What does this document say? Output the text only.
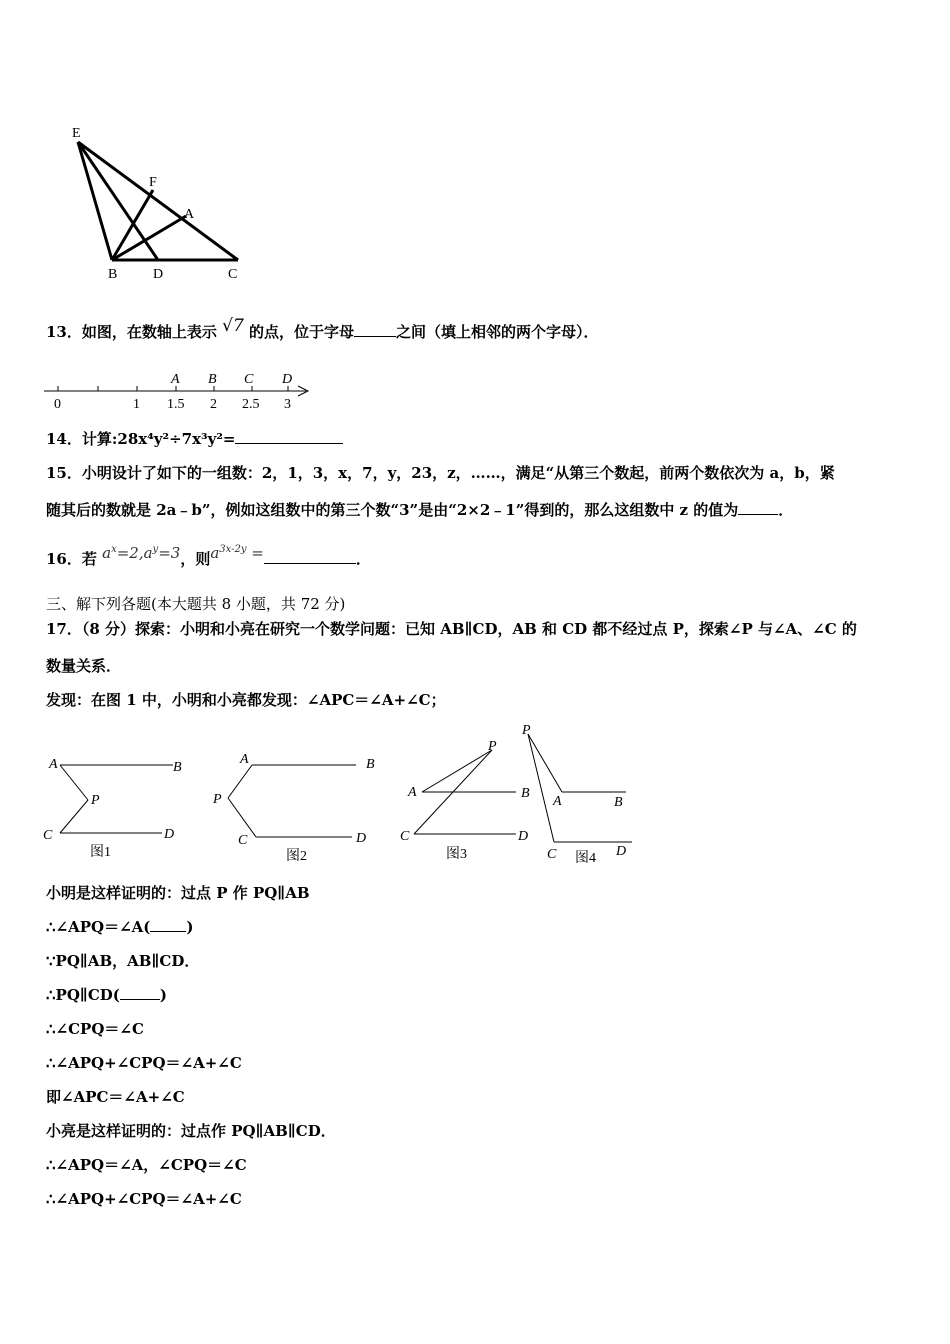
E
F
A
B	D	C
13．如图，在数轴上表示 √7 的点，位于字母	之间（填上相邻的两个字母）．
A B C D
0	1 1.5 2 2.5 3
14．计算:28x⁴y²÷7x³y²=
15．小明设计了如下的一组数：2，1，3，x，7，y，23，z，……，满足“从第三个数起，前两个数依次为 a，b，紧
随其后的数就是 2a﹣b”，例如这组数中的第三个数“3”是由“2×2﹣1”得到的，那么这组数中 z 的值为	．
16．若 $a^x=2,a^y=3$，则$a^{3x-2y}$ =	．
三、解下列各题(本大题共 8 小题，共 72 分)
17．（8 分）探索：小明和小亮在研究一个数学问题：已知 AB∥CD，AB 和 CD 都不经过点 P，探索∠P 与∠A、∠C 的
数量关系．
发现：在图 1 中，小明和小亮都发现：∠APC＝∠A+∠C；
A	B
P
C	D
图1
A	B
P
C	D
图2
A	B
P
C	D
图3
P
A	B
C	D
图4
小明是这样证明的：过点 P 作 PQ∥AB
∴∠APQ＝∠A( )
∵PQ∥AB，AB∥CD．
∴PQ∥CD(	)
∴∠CPQ＝∠C
∴∠APQ+∠CPQ＝∠A+∠C
即∠APC＝∠A+∠C
小亮是这样证明的：过点作 PQ∥AB∥CD．
∴∠APQ＝∠A，∠CPQ＝∠C
∴∠APQ+∠CPQ＝∠A+∠C
